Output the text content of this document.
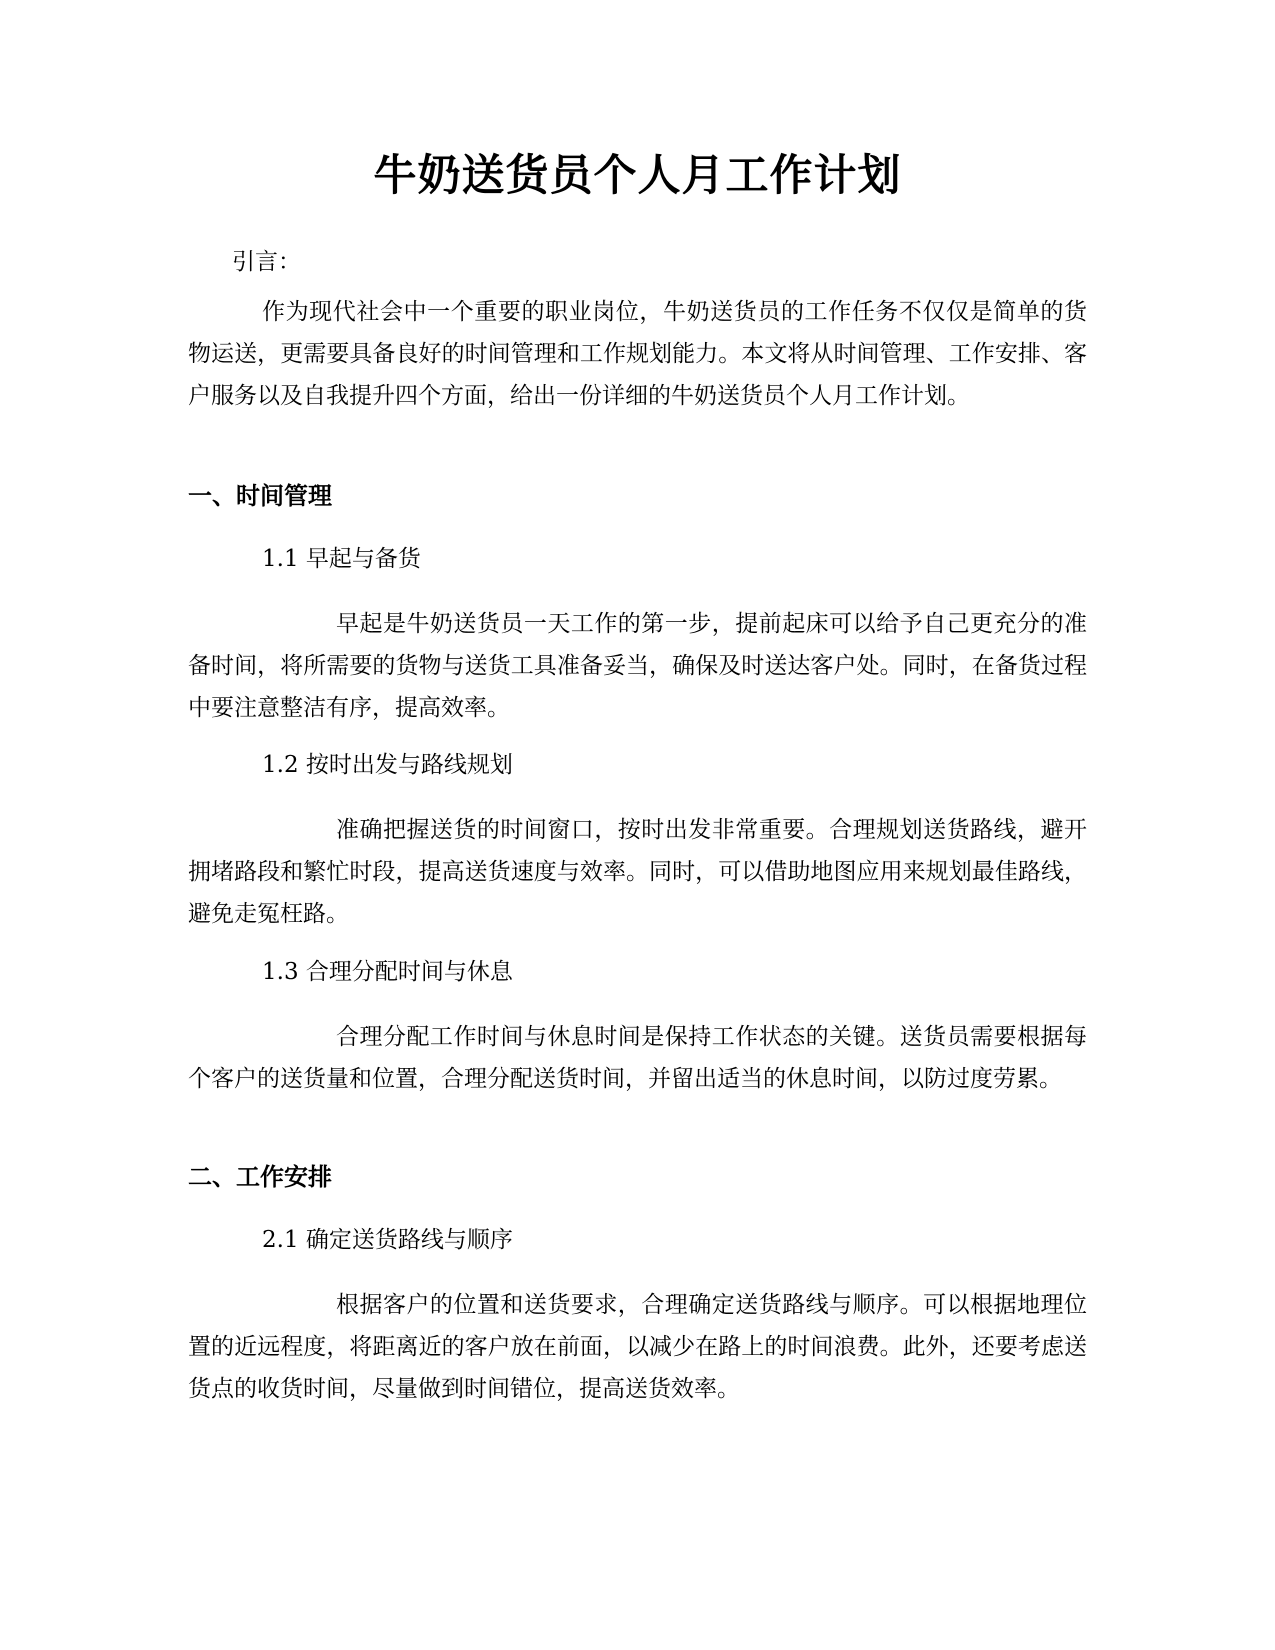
牛奶送货员个人月工作计划

引言：

作为现代社会中一个重要的职业岗位，牛奶送货员的工作任务不仅仅是简单的货物运送，更需要具备良好的时间管理和工作规划能力。本文将从时间管理、工作安排、客户服务以及自我提升四个方面，给出一份详细的牛奶送货员个人月工作计划。

一、时间管理

1.1 早起与备货

早起是牛奶送货员一天工作的第一步，提前起床可以给予自己更充分的准备时间，将所需要的货物与送货工具准备妥当，确保及时送达客户处。同时，在备货过程中要注意整洁有序，提高效率。

1.2 按时出发与路线规划

准确把握送货的时间窗口，按时出发非常重要。合理规划送货路线，避开拥堵路段和繁忙时段，提高送货速度与效率。同时，可以借助地图应用来规划最佳路线，避免走冤枉路。

1.3 合理分配时间与休息

合理分配工作时间与休息时间是保持工作状态的关键。送货员需要根据每个客户的送货量和位置，合理分配送货时间，并留出适当的休息时间，以防过度劳累。

二、工作安排

2.1 确定送货路线与顺序

根据客户的位置和送货要求，合理确定送货路线与顺序。可以根据地理位置的近远程度，将距离近的客户放在前面，以减少在路上的时间浪费。此外，还要考虑送货点的收货时间，尽量做到时间错位，提高送货效率。
